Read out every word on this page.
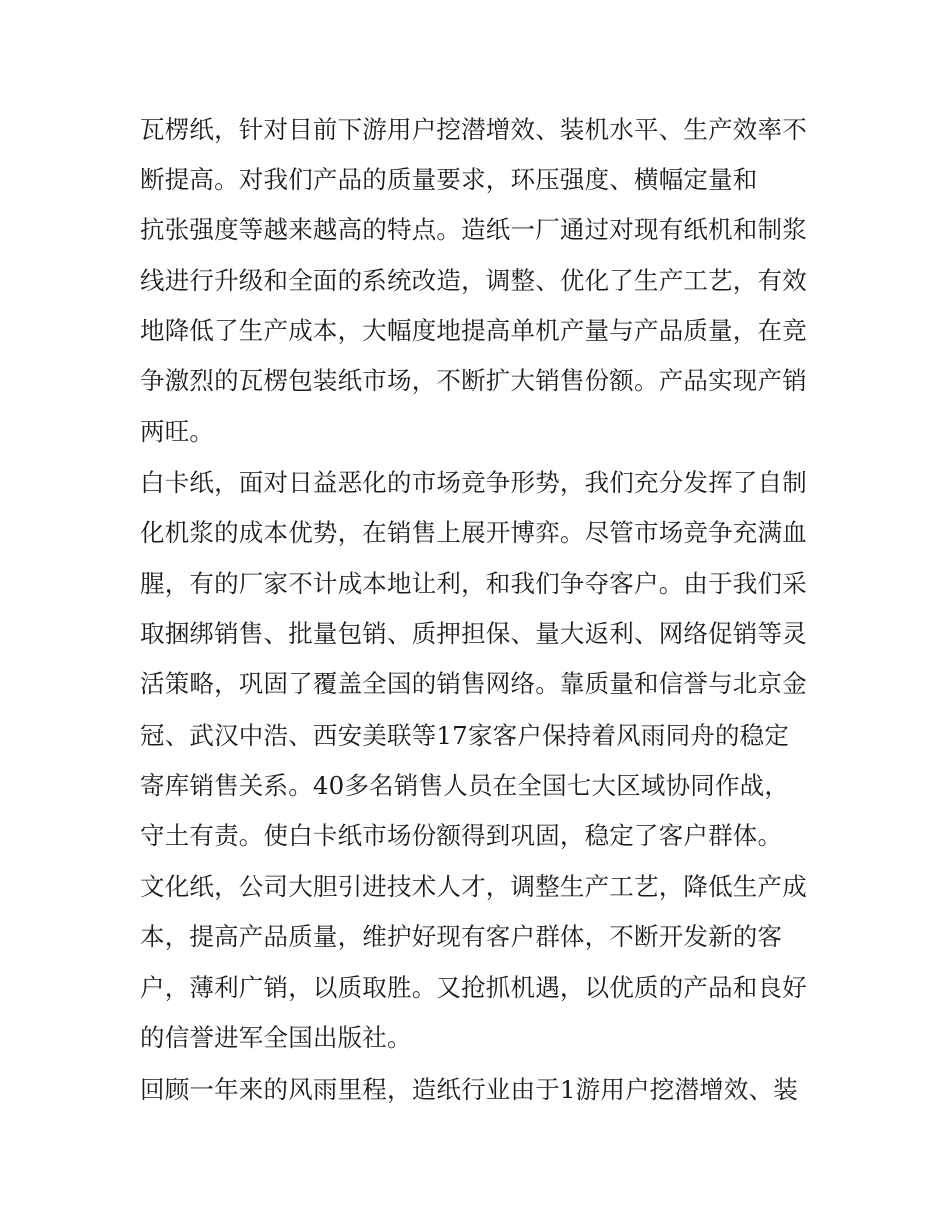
瓦楞纸，针对目前下游用户挖潜增效、装机水平、生产效率不
断提高。对我们产品的质量要求，环压强度、横幅定量和
抗张强度等越来越高的特点。造纸一厂通过对现有纸机和制浆
线进行升级和全面的系统改造，调整、优化了生产工艺，有效
地降低了生产成本，大幅度地提高单机产量与产品质量，在竞
争激烈的瓦楞包装纸市场，不断扩大销售份额。产品实现产销
两旺。
白卡纸，面对日益恶化的市场竞争形势，我们充分发挥了自制
化机浆的成本优势，在销售上展开博弈。尽管市场竞争充满血
腥，有的厂家不计成本地让利，和我们争夺客户。由于我们采
取捆绑销售、批量包销、质押担保、量大返利、网络促销等灵
活策略，巩固了覆盖全国的销售网络。靠质量和信誉与北京金
冠、武汉中浩、西安美联等17家客户保持着风雨同舟的稳定
寄库销售关系。40多名销售人员在全国七大区域协同作战，
守土有责。使白卡纸市场份额得到巩固，稳定了客户群体。
文化纸，公司大胆引进技术人才，调整生产工艺，降低生产成
本，提高产品质量，维护好现有客户群体，不断开发新的客
户，薄利广销，以质取胜。又抢抓机遇，以优质的产品和良好
的信誉进军全国出版社。
回顾一年来的风雨里程，造纸行业由于1游用户挖潜增效、装
